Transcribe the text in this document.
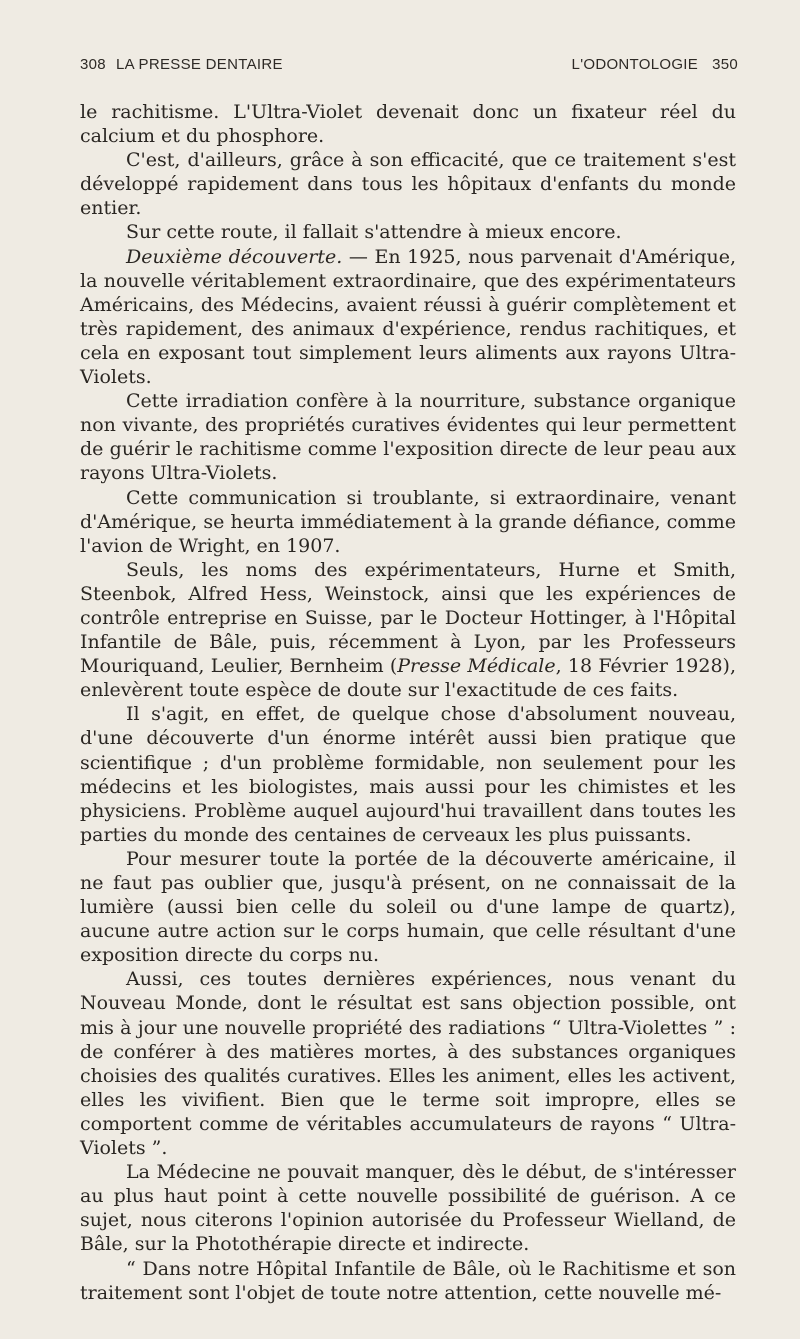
308 LA PRESSE DENTAIRE	L'ODONTOLOGIE 350

le rachitisme. L'Ultra-Violet devenait donc un fixateur réel du calcium et du phosphore.

C'est, d'ailleurs, grâce à son efficacité, que ce traitement s'est développé rapidement dans tous les hôpitaux d'enfants du monde entier.

Sur cette route, il fallait s'attendre à mieux encore.

Deuxième découverte. — En 1925, nous parvenait d'Amérique, la nouvelle véritablement extraordinaire, que des expérimentateurs Américains, des Médecins, avaient réussi à guérir complètement et très rapidement, des animaux d'expérience, rendus rachitiques, et cela en exposant tout simplement leurs aliments aux rayons Ultra-Violets.

Cette irradiation confère à la nourriture, substance organique non vivante, des propriétés curatives évidentes qui leur permettent de guérir le rachitisme comme l'exposition directe de leur peau aux rayons Ultra-Violets.

Cette communication si troublante, si extraordinaire, venant d'Amérique, se heurta immédiatement à la grande défiance, comme l'avion de Wright, en 1907.

Seuls, les noms des expérimentateurs, Hurne et Smith, Steenbok, Alfred Hess, Weinstock, ainsi que les expériences de contrôle entreprise en Suisse, par le Docteur Hottinger, à l'Hôpital Infantile de Bâle, puis, récemment à Lyon, par les Professeurs Mouriquand, Leulier, Bernheim (Presse Médicale, 18 Février 1928), enlevèrent toute espèce de doute sur l'exactitude de ces faits.

Il s'agit, en effet, de quelque chose d'absolument nouveau, d'une découverte d'un énorme intérêt aussi bien pratique que scientifique ; d'un problème formidable, non seulement pour les médecins et les biologistes, mais aussi pour les chimistes et les physiciens. Problème auquel aujourd'hui travaillent dans toutes les parties du monde des centaines de cerveaux les plus puissants.

Pour mesurer toute la portée de la découverte américaine, il ne faut pas oublier que, jusqu'à présent, on ne connaissait de la lumière (aussi bien celle du soleil ou d'une lampe de quartz), aucune autre action sur le corps humain, que celle résultant d'une exposition directe du corps nu.

Aussi, ces toutes dernières expériences, nous venant du Nouveau Monde, dont le résultat est sans objection possible, ont mis à jour une nouvelle propriété des radiations “ Ultra-Violettes ” : de conférer à des matières mortes, à des substances organiques choisies des qualités curatives. Elles les animent, elles les activent, elles les vivifient. Bien que le terme soit impropre, elles se comportent comme de véritables accumulateurs de rayons “ Ultra-Violets ”.

La Médecine ne pouvait manquer, dès le début, de s'intéresser au plus haut point à cette nouvelle possibilité de guérison. A ce sujet, nous citerons l'opinion autorisée du Professeur Wielland, de Bâle, sur la Photothérapie directe et indirecte.

“ Dans notre Hôpital Infantile de Bâle, où le Rachitisme et son traitement sont l'objet de toute notre attention, cette nouvelle mé-
